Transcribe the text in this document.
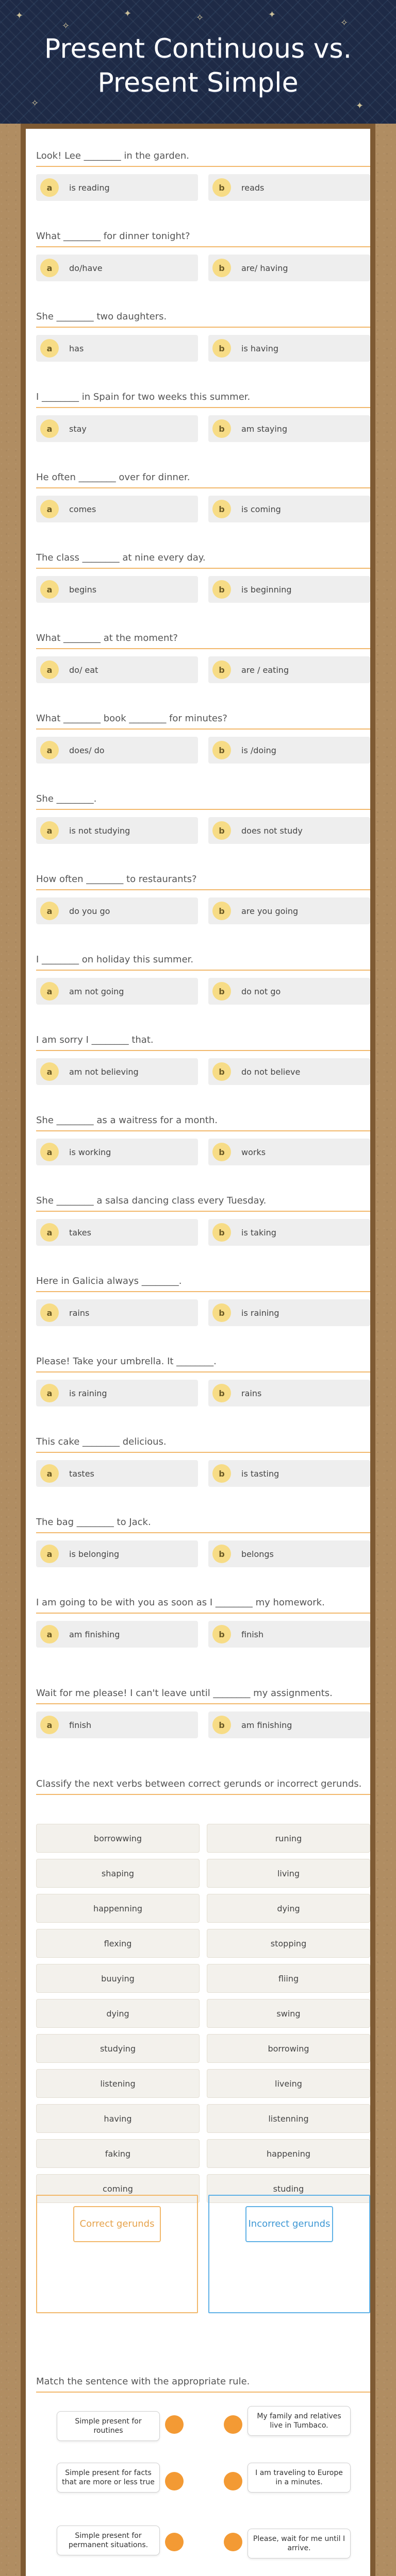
✦
✧
✦	✧	✦
✧
✧	✦
Present Continuous vs.
Present Simple
Look! Lee ________ in the garden.
a	is reading	b	reads
What ________ for dinner tonight?
a	do/have	b	are/ having
She ________ two daughters.
a	has	b	is having
I ________ in Spain for two weeks this summer.
a	stay	b	am staying
He often ________ over for dinner.
a	comes	b	is coming
The class ________ at nine every day.
a	begins	b	is beginning
What ________ at the moment?
a	do/ eat	b	are / eating
What ________ book ________ for minutes?
a	does/ do	b	is /doing
She ________.
a	is not studying	b	does not study
How often ________ to restaurants?
a	do you go	b	are you going
I ________ on holiday this summer.
a	am not going	b	do not go
I am sorry I ________ that.
a	am not believing	b	do not believe
She ________ as a waitress for a month.
a	is working	b	works
She ________ a salsa dancing class every Tuesday.
a	takes	b	is taking
Here in Galicia always ________.
a	rains	b	is raining
Please! Take your umbrella. It ________.
a	is raining	b	rains
This cake ________ delicious.
a	tastes	b	is tasting
The bag ________ to Jack.
a	is belonging	b	belongs
I am going to be with you as soon as I ________ my homework.
a	am finishing	b	finish
Wait for me please! I can't leave until ________ my assignments.
a	finish	b	am finishing
Classify the next verbs between correct gerunds or incorrect gerunds.
borrowwing	runing
shaping	living
happenning	dying
flexing	stopping
buuying	fliing
dying	swing
studying	borrowing
listening	liveing
having	listenning
faking	happening
coming	studing
Correct gerunds	Incorrect gerunds
Match the sentence with the appropriate rule.
Simple present for routines
My family and relatives live in Tumbaco.
Simple present for facts that are more or less true
I am traveling to Europe in a minutes.
Simple present for permanent situations.
Please, wait for me until I arrive.
